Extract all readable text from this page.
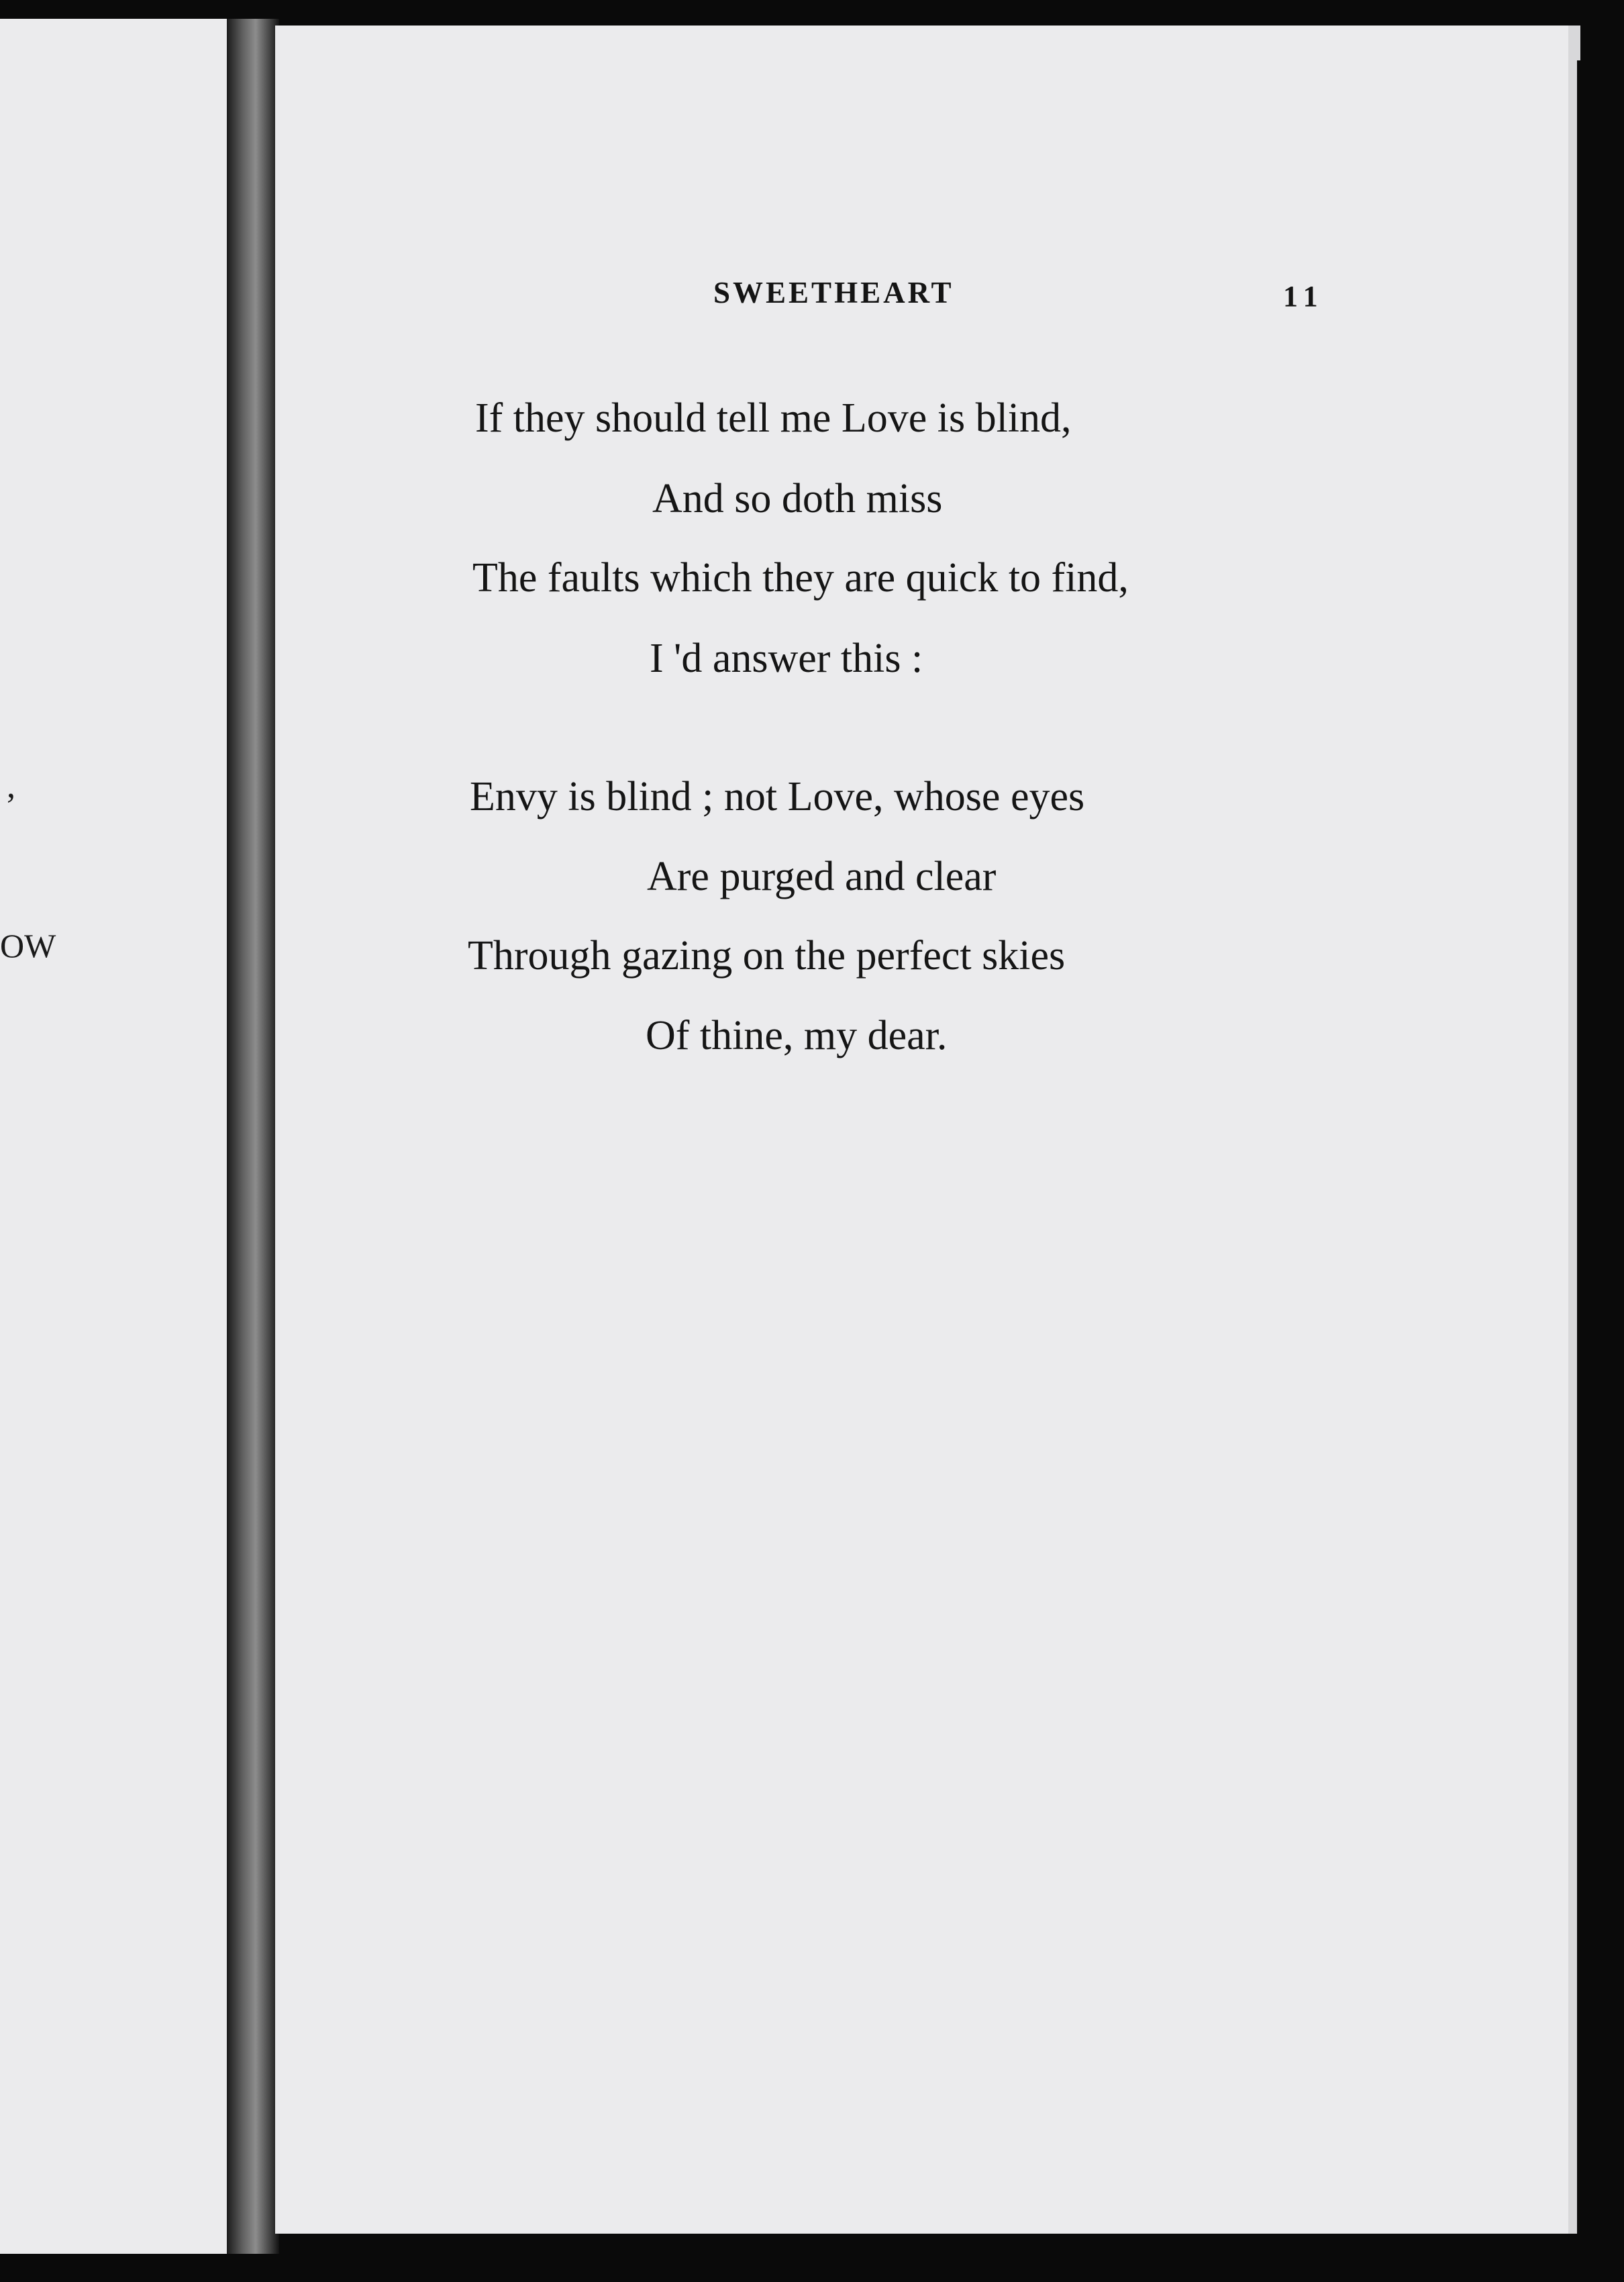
,
OW
SWEETHEART	11
If they should tell me Love is blind,
And so doth miss
The faults which they are quick to find,
I 'd answer this :
Envy is blind ; not Love, whose eyes
Are purged and clear
Through gazing on the perfect skies
Of thine, my dear.
